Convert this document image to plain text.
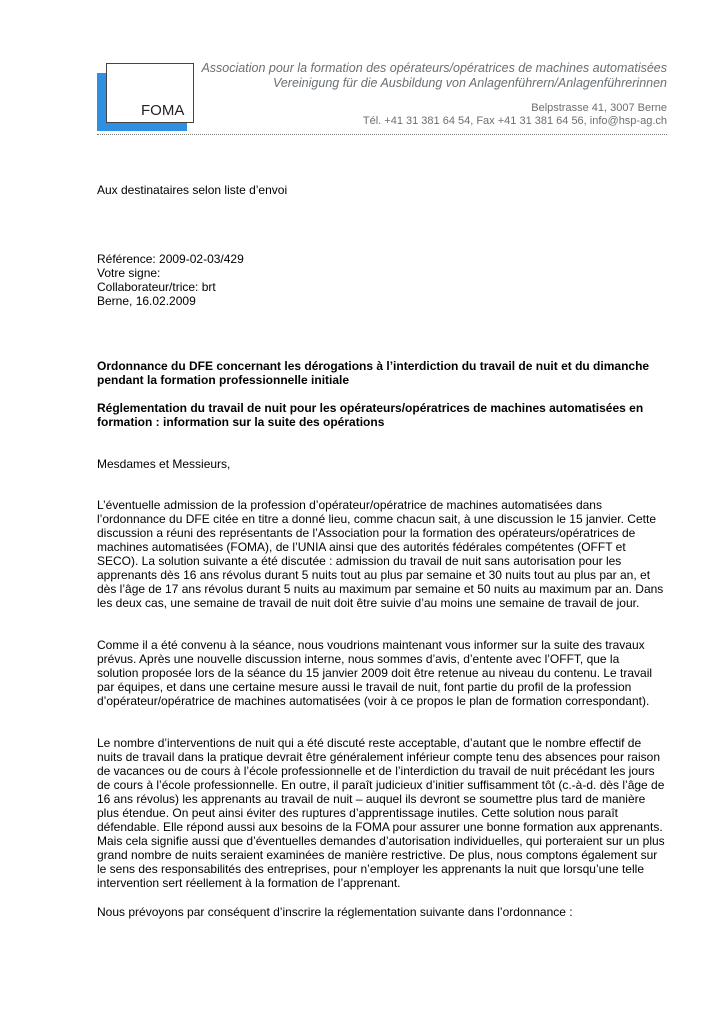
FOMA
Association pour la formation des opérateurs/opératrices de machines automatisées
Vereinigung für die Ausbildung von Anlagenführern/Anlagenführerinnen
Belpstrasse 41, 3007 Berne
Tél. +41 31 381 64 54, Fax +41 31 381 64 56, info@hsp-ag.ch
Aux destinataires selon liste d’envoi
Référence: 2009-02-03/429
Votre signe:
Collaborateur/trice: brt
Berne, 16.02.2009
Ordonnance du DFE concernant les dérogations à l’interdiction du travail de nuit et du dimanche
pendant la formation professionnelle initiale
Réglementation du travail de nuit pour les opérateurs/opératrices de machines automatisées en
formation : information sur la suite des opérations
Mesdames et Messieurs,
L’éventuelle admission de la profession d’opérateur/opératrice de machines automatisées dans
l’ordonnance du DFE citée en titre a donné lieu, comme chacun sait, à une discussion le 15 janvier. Cette
discussion a réuni des représentants de l’Association pour la formation des opérateurs/opératrices de
machines automatisées (FOMA), de l’UNIA ainsi que des autorités fédérales compétentes (OFFT et
SECO). La solution suivante a été discutée : admission du travail de nuit sans autorisation pour les
apprenants dès 16 ans révolus durant 5 nuits tout au plus par semaine et 30 nuits tout au plus par an, et
dès l’âge de 17 ans révolus durant 5 nuits au maximum par semaine et 50 nuits au maximum par an. Dans
les deux cas, une semaine de travail de nuit doit être suivie d’au moins une semaine de travail de jour.
Comme il a été convenu à la séance, nous voudrions maintenant vous informer sur la suite des travaux
prévus. Après une nouvelle discussion interne, nous sommes d’avis, d’entente avec l’OFFT, que la
solution proposée lors de la séance du 15 janvier 2009 doit être retenue au niveau du contenu. Le travail
par équipes, et dans une certaine mesure aussi le travail de nuit, font partie du profil de la profession
d’opérateur/opératrice de machines automatisées (voir à ce propos le plan de formation correspondant).
Le nombre d’interventions de nuit qui a été discuté reste acceptable, d’autant que le nombre effectif de
nuits de travail dans la pratique devrait être généralement inférieur compte tenu des absences pour raison
de vacances ou de cours à l’école professionnelle et de l’interdiction du travail de nuit précédant les jours
de cours à l’école professionnelle. En outre, il paraît judicieux d’initier suffisamment tôt (c.-à-d. dès l’âge de
16 ans révolus) les apprenants au travail de nuit – auquel ils devront se soumettre plus tard de manière
plus étendue. On peut ainsi éviter des ruptures d’apprentissage inutiles. Cette solution nous paraît
défendable. Elle répond aussi aux besoins de la FOMA pour assurer une bonne formation aux apprenants.
Mais cela signifie aussi que d’éventuelles demandes d’autorisation individuelles, qui porteraient sur un plus
grand nombre de nuits seraient examinées de manière restrictive. De plus, nous comptons également sur
le sens des responsabilités des entreprises, pour n’employer les apprenants la nuit que lorsqu’une telle
intervention sert réellement à la formation de l’apprenant.
Nous prévoyons par conséquent d’inscrire la réglementation suivante dans l’ordonnance :
